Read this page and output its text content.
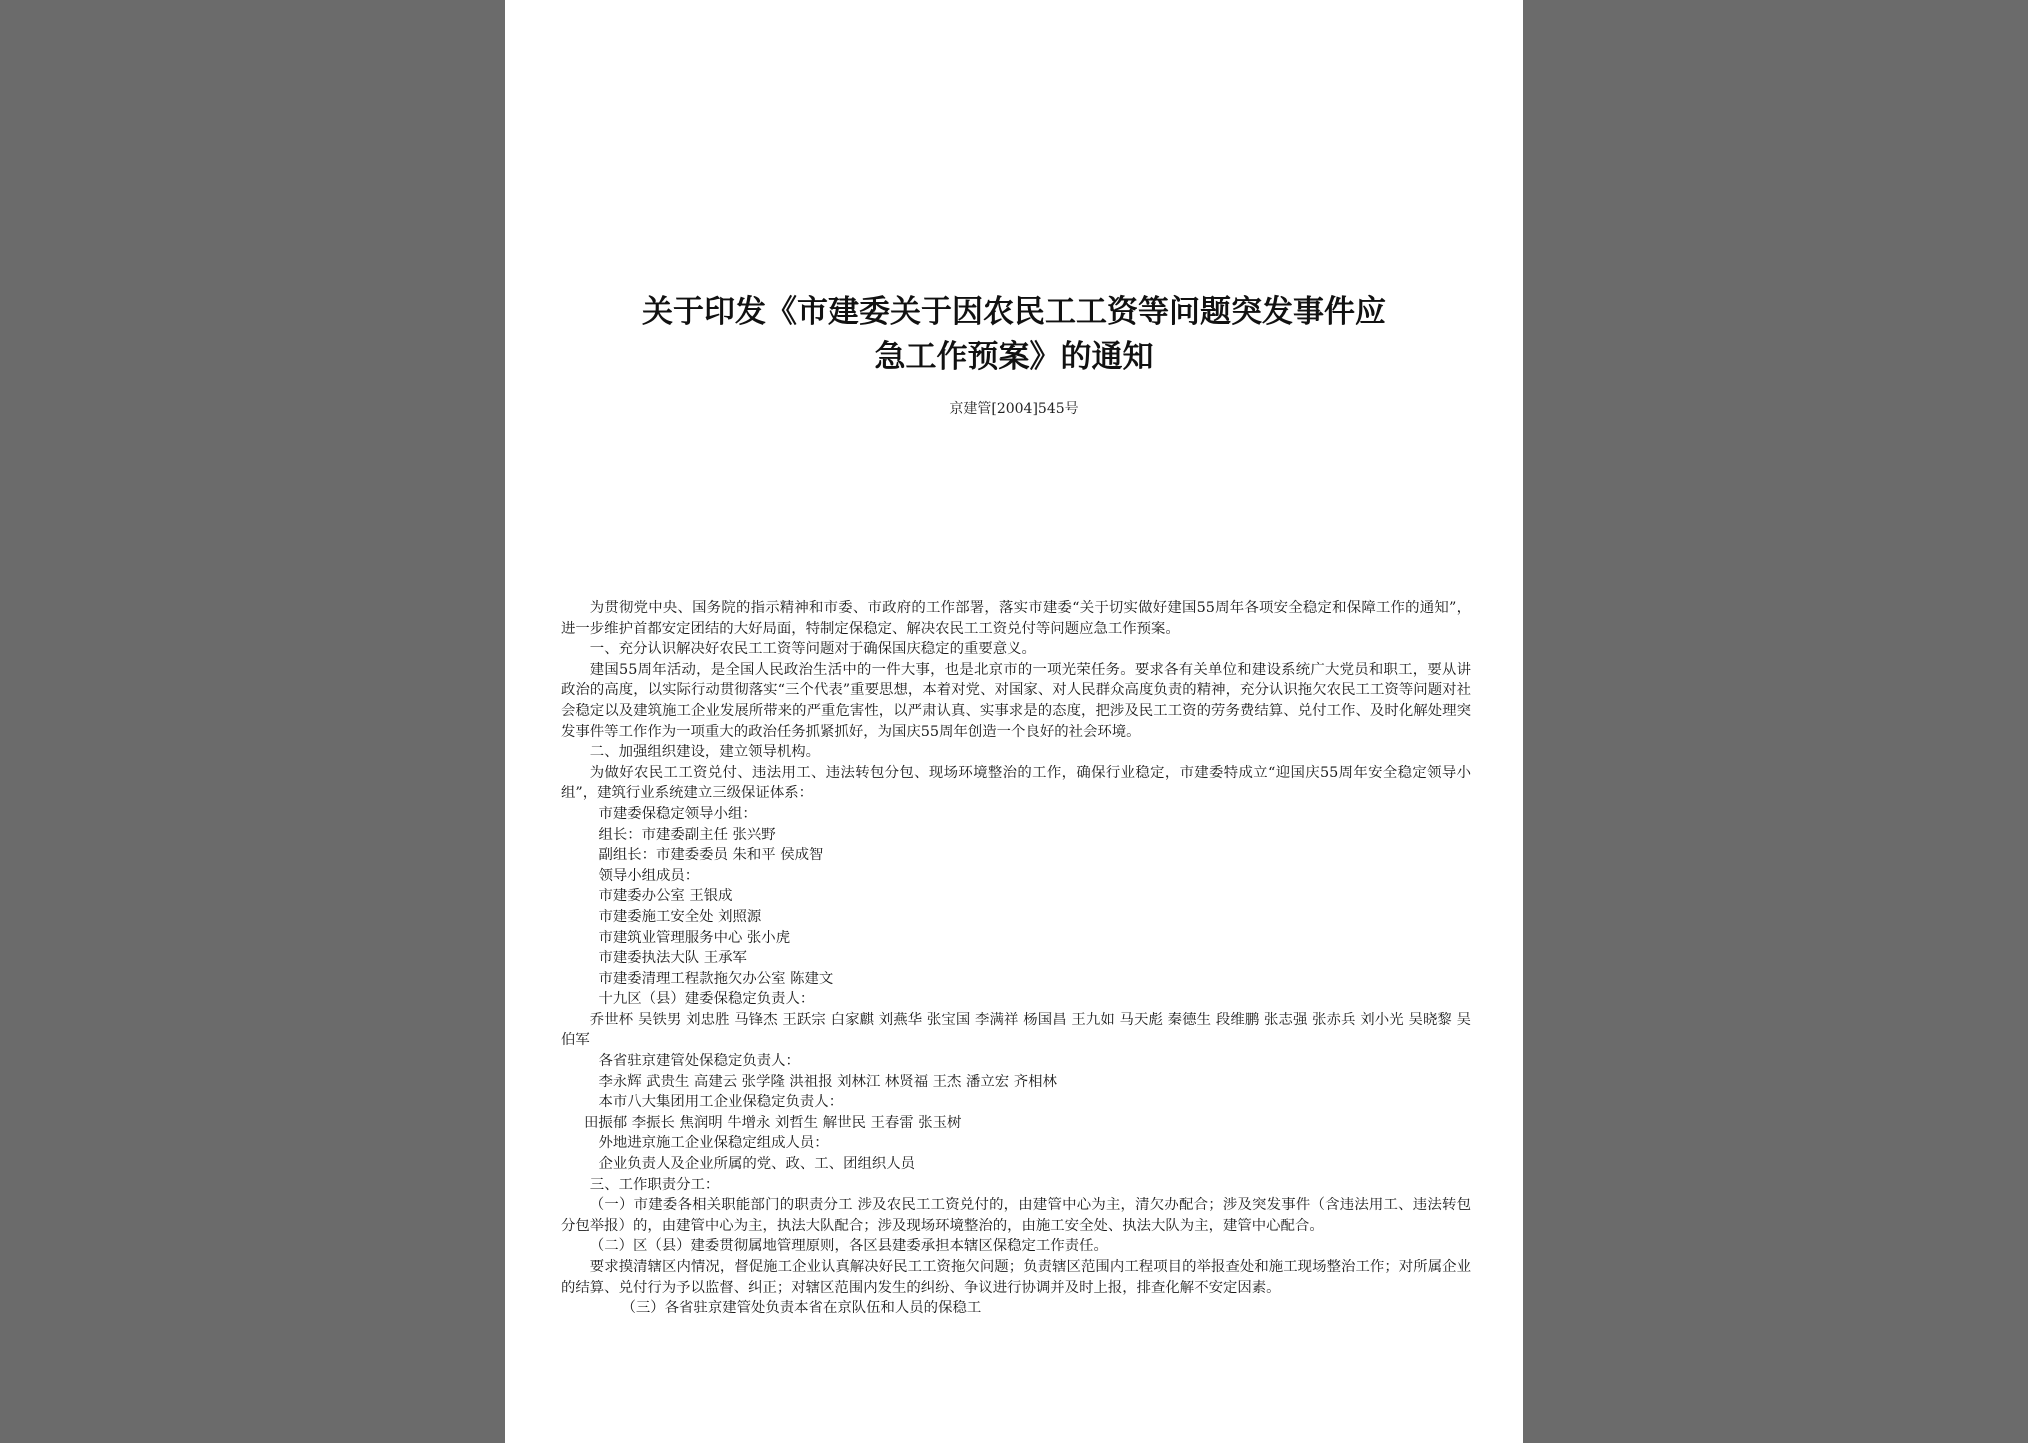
关于印发《市建委关于因农民工工资等问题突发事件应
急工作预案》的通知
京建管[2004]545号

为贯彻党中央、国务院的指示精神和市委、市政府的工作部署，落实市建委“关于切实做好建国55周年各项安全稳定和保障工作的通知”，进一步维护首都安定团结的大好局面，特制定保稳定、解决农民工工资兑付等问题应急工作预案。

一、充分认识解决好农民工工资等问题对于确保国庆稳定的重要意义。

建国55周年活动，是全国人民政治生活中的一件大事，也是北京市的一项光荣任务。要求各有关单位和建设系统广大党员和职工，要从讲政治的高度，以实际行动贯彻落实“三个代表”重要思想，本着对党、对国家、对人民群众高度负责的精神，充分认识拖欠农民工工资等问题对社会稳定以及建筑施工企业发展所带来的严重危害性，以严肃认真、实事求是的态度，把涉及民工工资的劳务费结算、兑付工作、及时化解处理突发事件等工作作为一项重大的政治任务抓紧抓好，为国庆55周年创造一个良好的社会环境。

二、加强组织建设，建立领导机构。

为做好农民工工资兑付、违法用工、违法转包分包、现场环境整治的工作，确保行业稳定，市建委特成立“迎国庆55周年安全稳定领导小组”，建筑行业系统建立三级保证体系：

市建委保稳定领导小组：

组长：市建委副主任 张兴野

副组长：市建委委员 朱和平 侯成智

领导小组成员：

市建委办公室 王银成

市建委施工安全处 刘照源

市建筑业管理服务中心 张小虎

市建委执法大队 王承军

市建委清理工程款拖欠办公室 陈建文

十九区（县）建委保稳定负责人：

乔世杯 吴铁男 刘忠胜 马锋杰 王跃宗 白家麒 刘燕华 张宝国 李满祥 杨国昌 王九如 马天彪 秦德生 段维鹏 张志强 张赤兵 刘小光 吴晓黎 吴伯军

各省驻京建管处保稳定负责人：

李永辉 武贵生 高建云 张学隆 洪祖报 刘林江 林贤福 王杰 潘立宏 齐相林

本市八大集团用工企业保稳定负责人：

田振郁 李振长 焦润明 牛增永 刘哲生 解世民 王春雷 张玉树

外地进京施工企业保稳定组成人员：

企业负责人及企业所属的党、政、工、团组织人员

三、工作职责分工：

（一）市建委各相关职能部门的职责分工 涉及农民工工资兑付的，由建管中心为主，清欠办配合；涉及突发事件（含违法用工、违法转包分包举报）的，由建管中心为主，执法大队配合；涉及现场环境整治的，由施工安全处、执法大队为主，建管中心配合。

（二）区（县）建委贯彻属地管理原则，各区县建委承担本辖区保稳定工作责任。

要求摸清辖区内情况，督促施工企业认真解决好民工工资拖欠问题；负责辖区范围内工程项目的举报查处和施工现场整治工作；对所属企业的结算、兑付行为予以监督、纠正；对辖区范围内发生的纠纷、争议进行协调并及时上报，排查化解不安定因素。

（三）各省驻京建管处负责本省在京队伍和人员的保稳工
